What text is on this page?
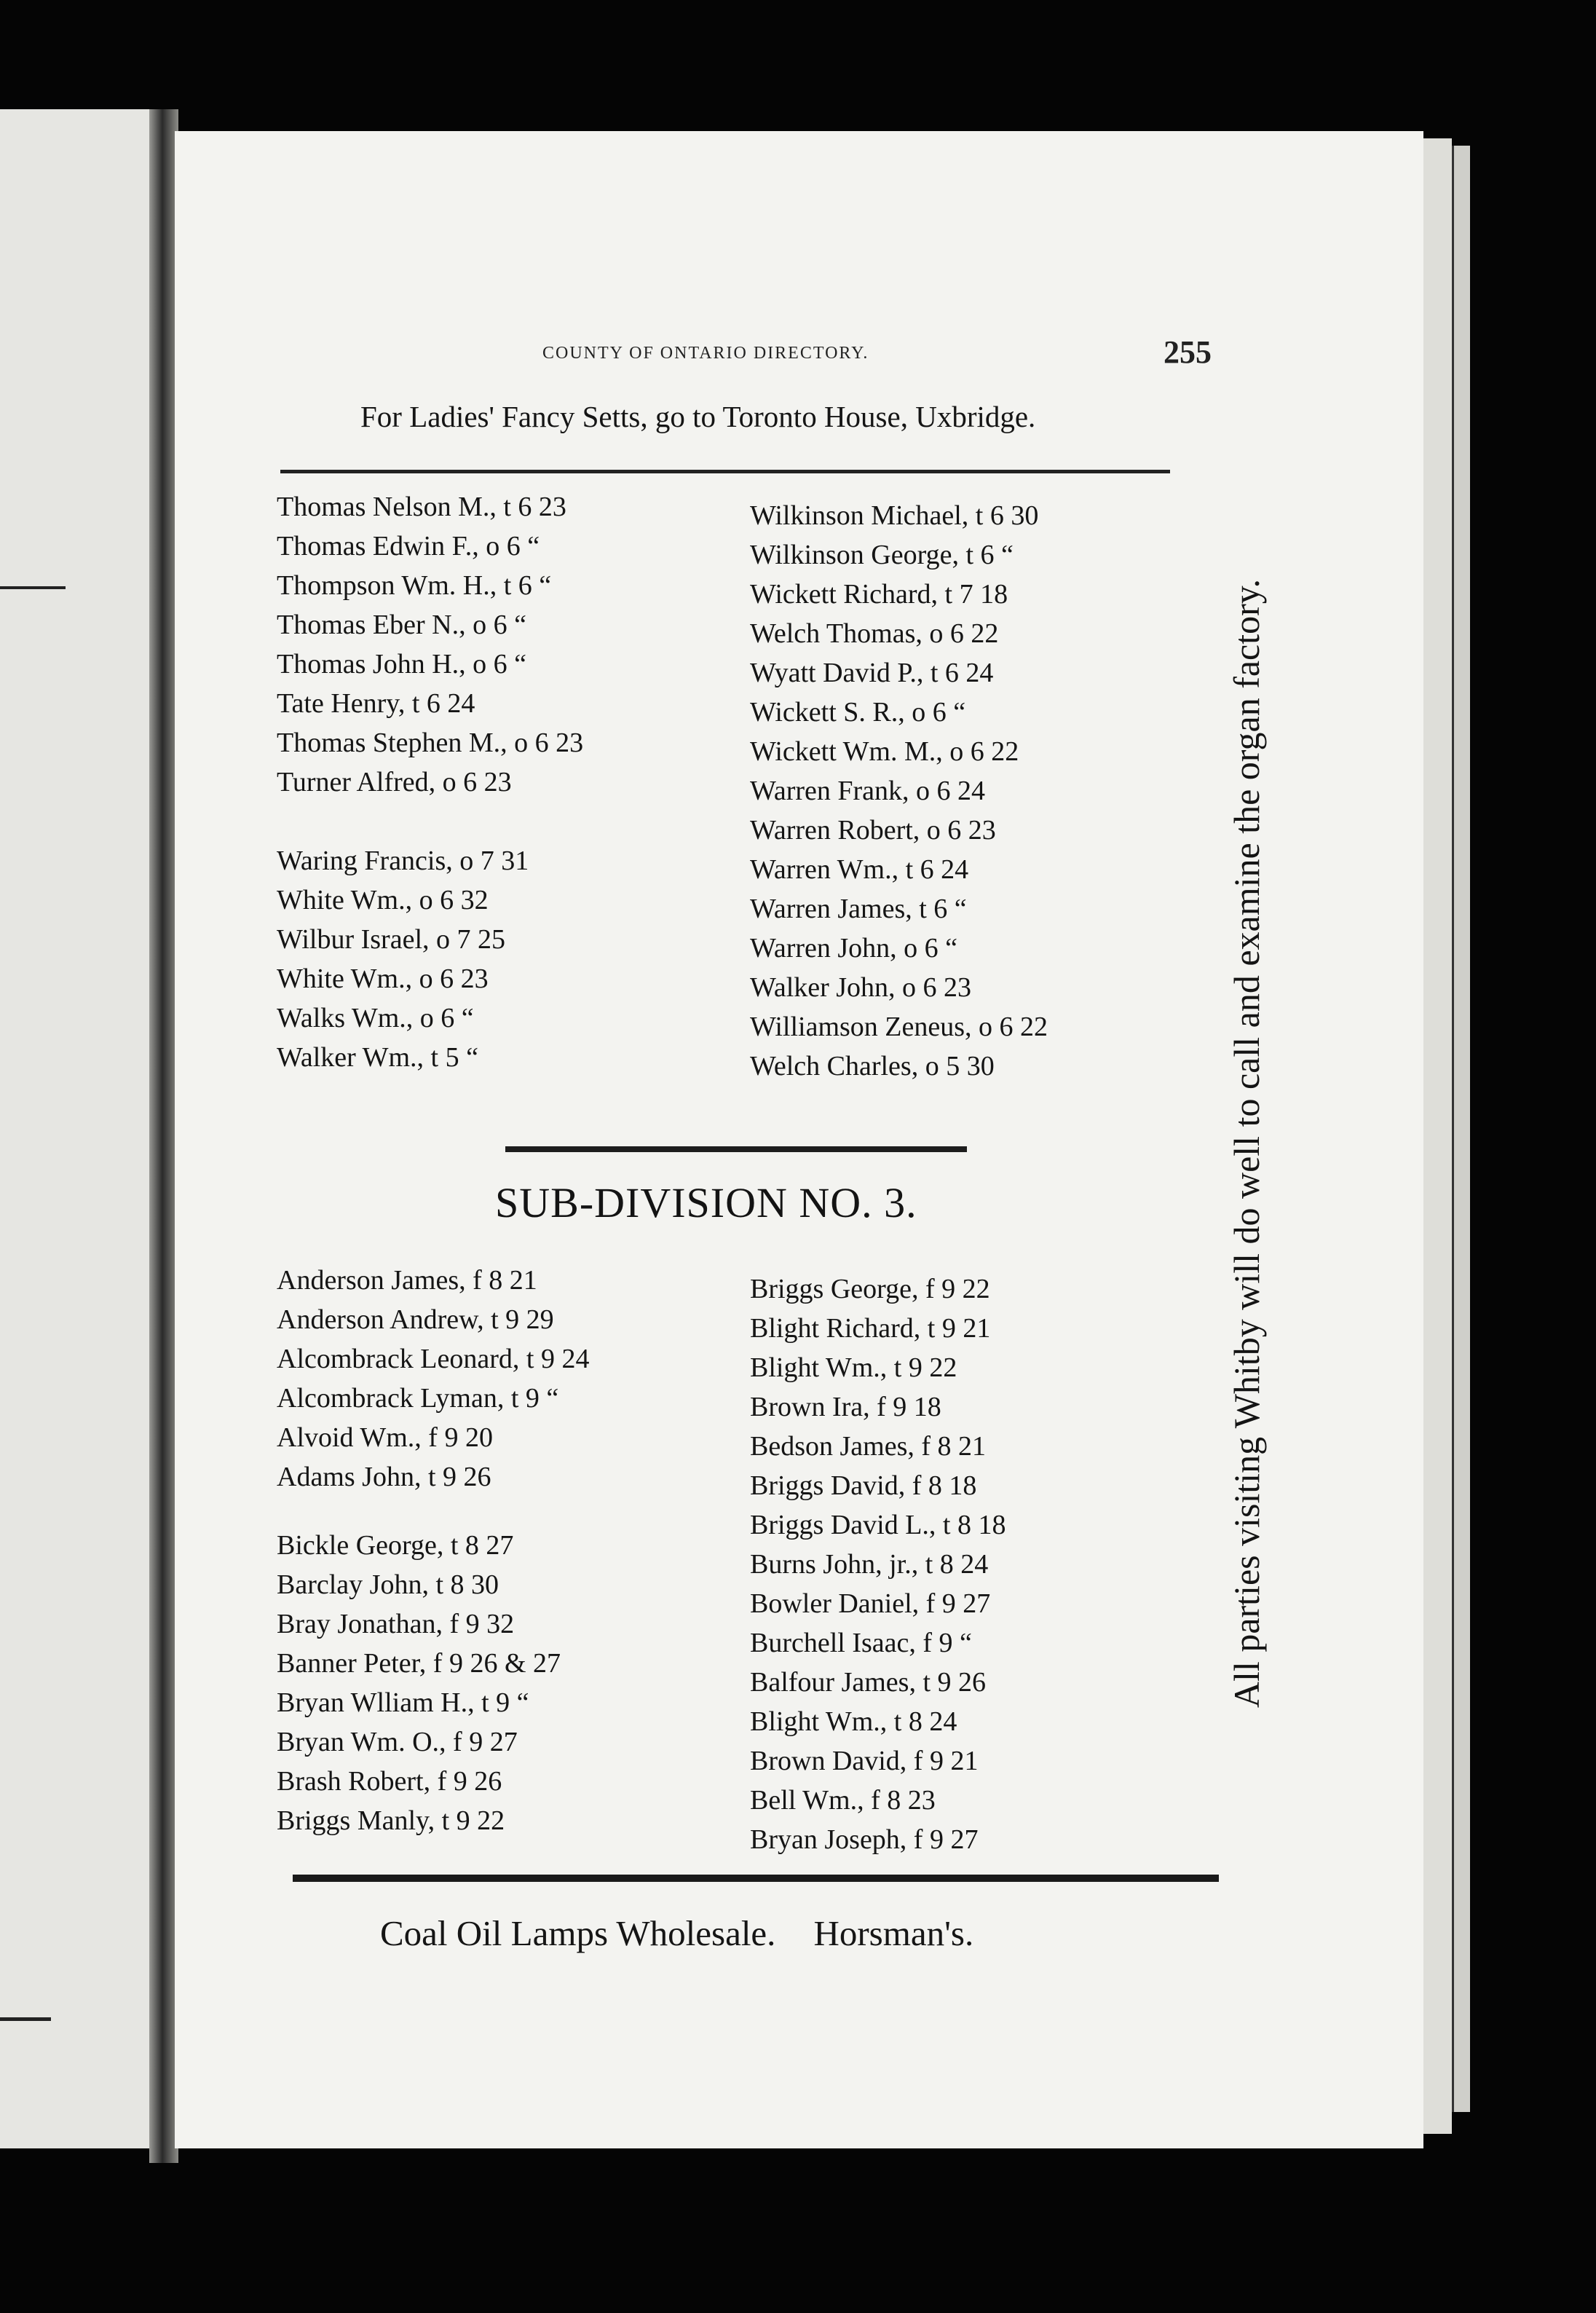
COUNTY OF ONTARIO DIRECTORY.	255
For Ladies' Fancy Setts, go to Toronto House, Uxbridge.
Thomas Nelson M., t 6 23
Thomas Edwin F., o 6 “
Thompson Wm. H., t 6 “
Thomas Eber N., o 6 “
Thomas John H., o 6 “
Tate Henry, t 6 24
Thomas Stephen M., o 6 23
Turner Alfred, o 6 23
Waring Francis, o 7 31
White Wm., o 6 32
Wilbur Israel, o 7 25
White Wm., o 6 23
Walks Wm., o 6 “
Walker Wm., t 5 “
Wilkinson Michael, t 6 30
Wilkinson George, t 6 “
Wickett Richard, t 7 18
Welch Thomas, o 6 22
Wyatt David P., t 6 24
Wickett S. R., o 6 “
Wickett Wm. M., o 6 22
Warren Frank, o 6 24
Warren Robert, o 6 23
Warren Wm., t 6 24
Warren James, t 6 “
Warren John, o 6 “
Walker John, o 6 23
Williamson Zeneus, o 6 22
Welch Charles, o 5 30
SUB-DIVISION NO. 3.
Anderson James, f 8 21
Anderson Andrew, t 9 29
Alcombrack Leonard, t 9 24
Alcombrack Lyman, t 9 “
Alvoid Wm., f 9 20
Adams John, t 9 26
Bickle George, t 8 27
Barclay John, t 8 30
Bray Jonathan, f 9 32
Banner Peter, f 9 26 & 27
Bryan Wlliam H., t 9 “
Bryan Wm. O., f 9 27
Brash Robert, f 9 26
Briggs Manly, t 9 22
Briggs George, f 9 22
Blight Richard, t 9 21
Blight Wm., t 9 22
Brown Ira, f 9 18
Bedson James, f 8 21
Briggs David, f 8 18
Briggs David L., t 8 18
Burns John, jr., t 8 24
Bowler Daniel, f 9 27
Burchell Isaac, f 9 “
Balfour James, t 9 26
Blight Wm., t 8 24
Brown David, f 9 21
Bell Wm., f 8 23
Bryan Joseph, f 9 27
Coal Oil Lamps Wholesale. Horsman's.
All parties visiting Whitby will do well to call and examine the organ factory.
